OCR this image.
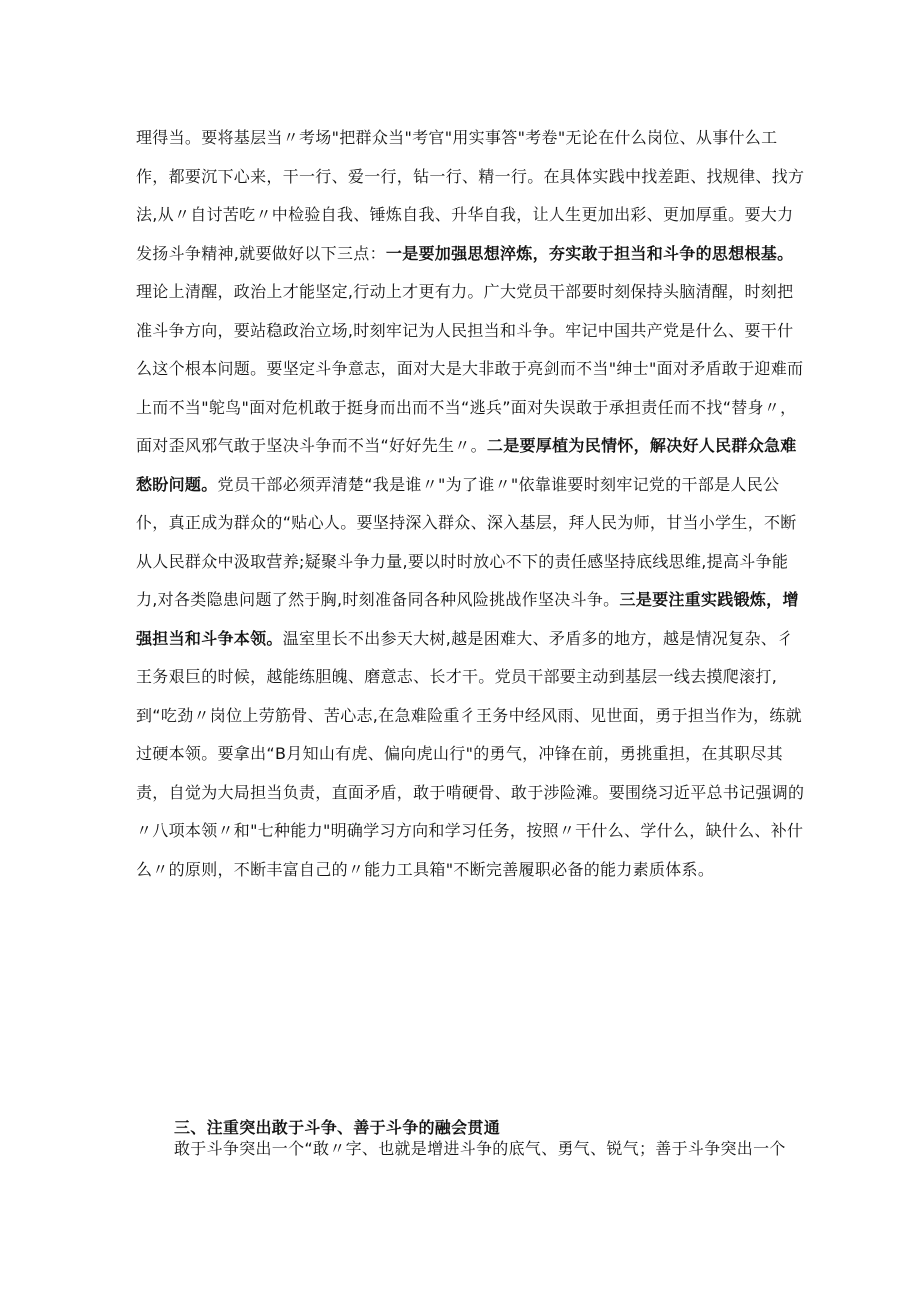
理得当。要将基层当〃考场"把群众当"考官"用实事答"考卷"无论在什么岗位、从事什么工作，都要沉下心来，干一行、爱一行，钻一行、精一行。在具体实践中找差距、找规律、找方法,从〃自讨苦吃〃中检验自我、锤炼自我、升华自我，让人生更加出彩、更加厚重。要大力发扬斗争精神,就要做好以下三点：一是要加强思想淬炼，夯实敢于担当和斗争的思想根基。理论上清醒，政治上才能坚定,行动上才更有力。广大党员干部要时刻保持头脑清醒，时刻把准斗争方向，要站稳政治立场,时刻牢记为人民担当和斗争。牢记中国共产党是什么、要干什么这个根本问题。要坚定斗争意志，面对大是大非敢于亮剑而不当"绅士"面对矛盾敢于迎难而上而不当"鸵鸟"面对危机敢于挺身而出而不当“逃兵”面对失误敢于承担责任而不找“替身〃，面对歪风邪气敢于坚决斗争而不当“好好先生〃。二是要厚植为民情怀，解决好人民群众急难愁盼问题。党员干部必须弄清楚“我是谁〃"为了谁〃"依靠谁要时刻牢记党的干部是人民公仆，真正成为群众的“贴心人。要坚持深入群众、深入基层，拜人民为师，甘当小学生，不断从人民群众中汲取营养;疑聚斗争力量,要以时时放心不下的责任感坚持底线思维,提高斗争能力,对各类隐患问题了然于胸,时刻准备同各种风险挑战作坚决斗争。三是要注重实践锻炼，增强担当和斗争本领。温室里长不出参天大树,越是困难大、矛盾多的地方，越是情况复杂、彳王务艰巨的时候，越能练胆魄、磨意志、长才干。党员干部要主动到基层一线去摸爬滚打,到“吃劲〃岗位上劳筋骨、苦心志,在急难险重彳王务中经风雨、见世面，勇于担当作为，练就过硬本领。要拿出“B月知山有虎、偏向虎山行"的勇气，冲锋在前，勇挑重担，在其职尽其责，自觉为大局担当负责，直面矛盾，敢于啃硬骨、敢于涉险滩。要围绕习近平总书记强调的〃八项本领〃和"七种能力"明确学习方向和学习任务，按照〃干什么、学什么，缺什么、补什么〃的原则，不断丰富自己的〃能力工具箱"不断完善履职必备的能力素质体系。

三、注重突出敢于斗争、善于斗争的融会贯通

敢于斗争突出一个“敢〃字、也就是增进斗争的底气、勇气、锐气；善于斗争突出一个
